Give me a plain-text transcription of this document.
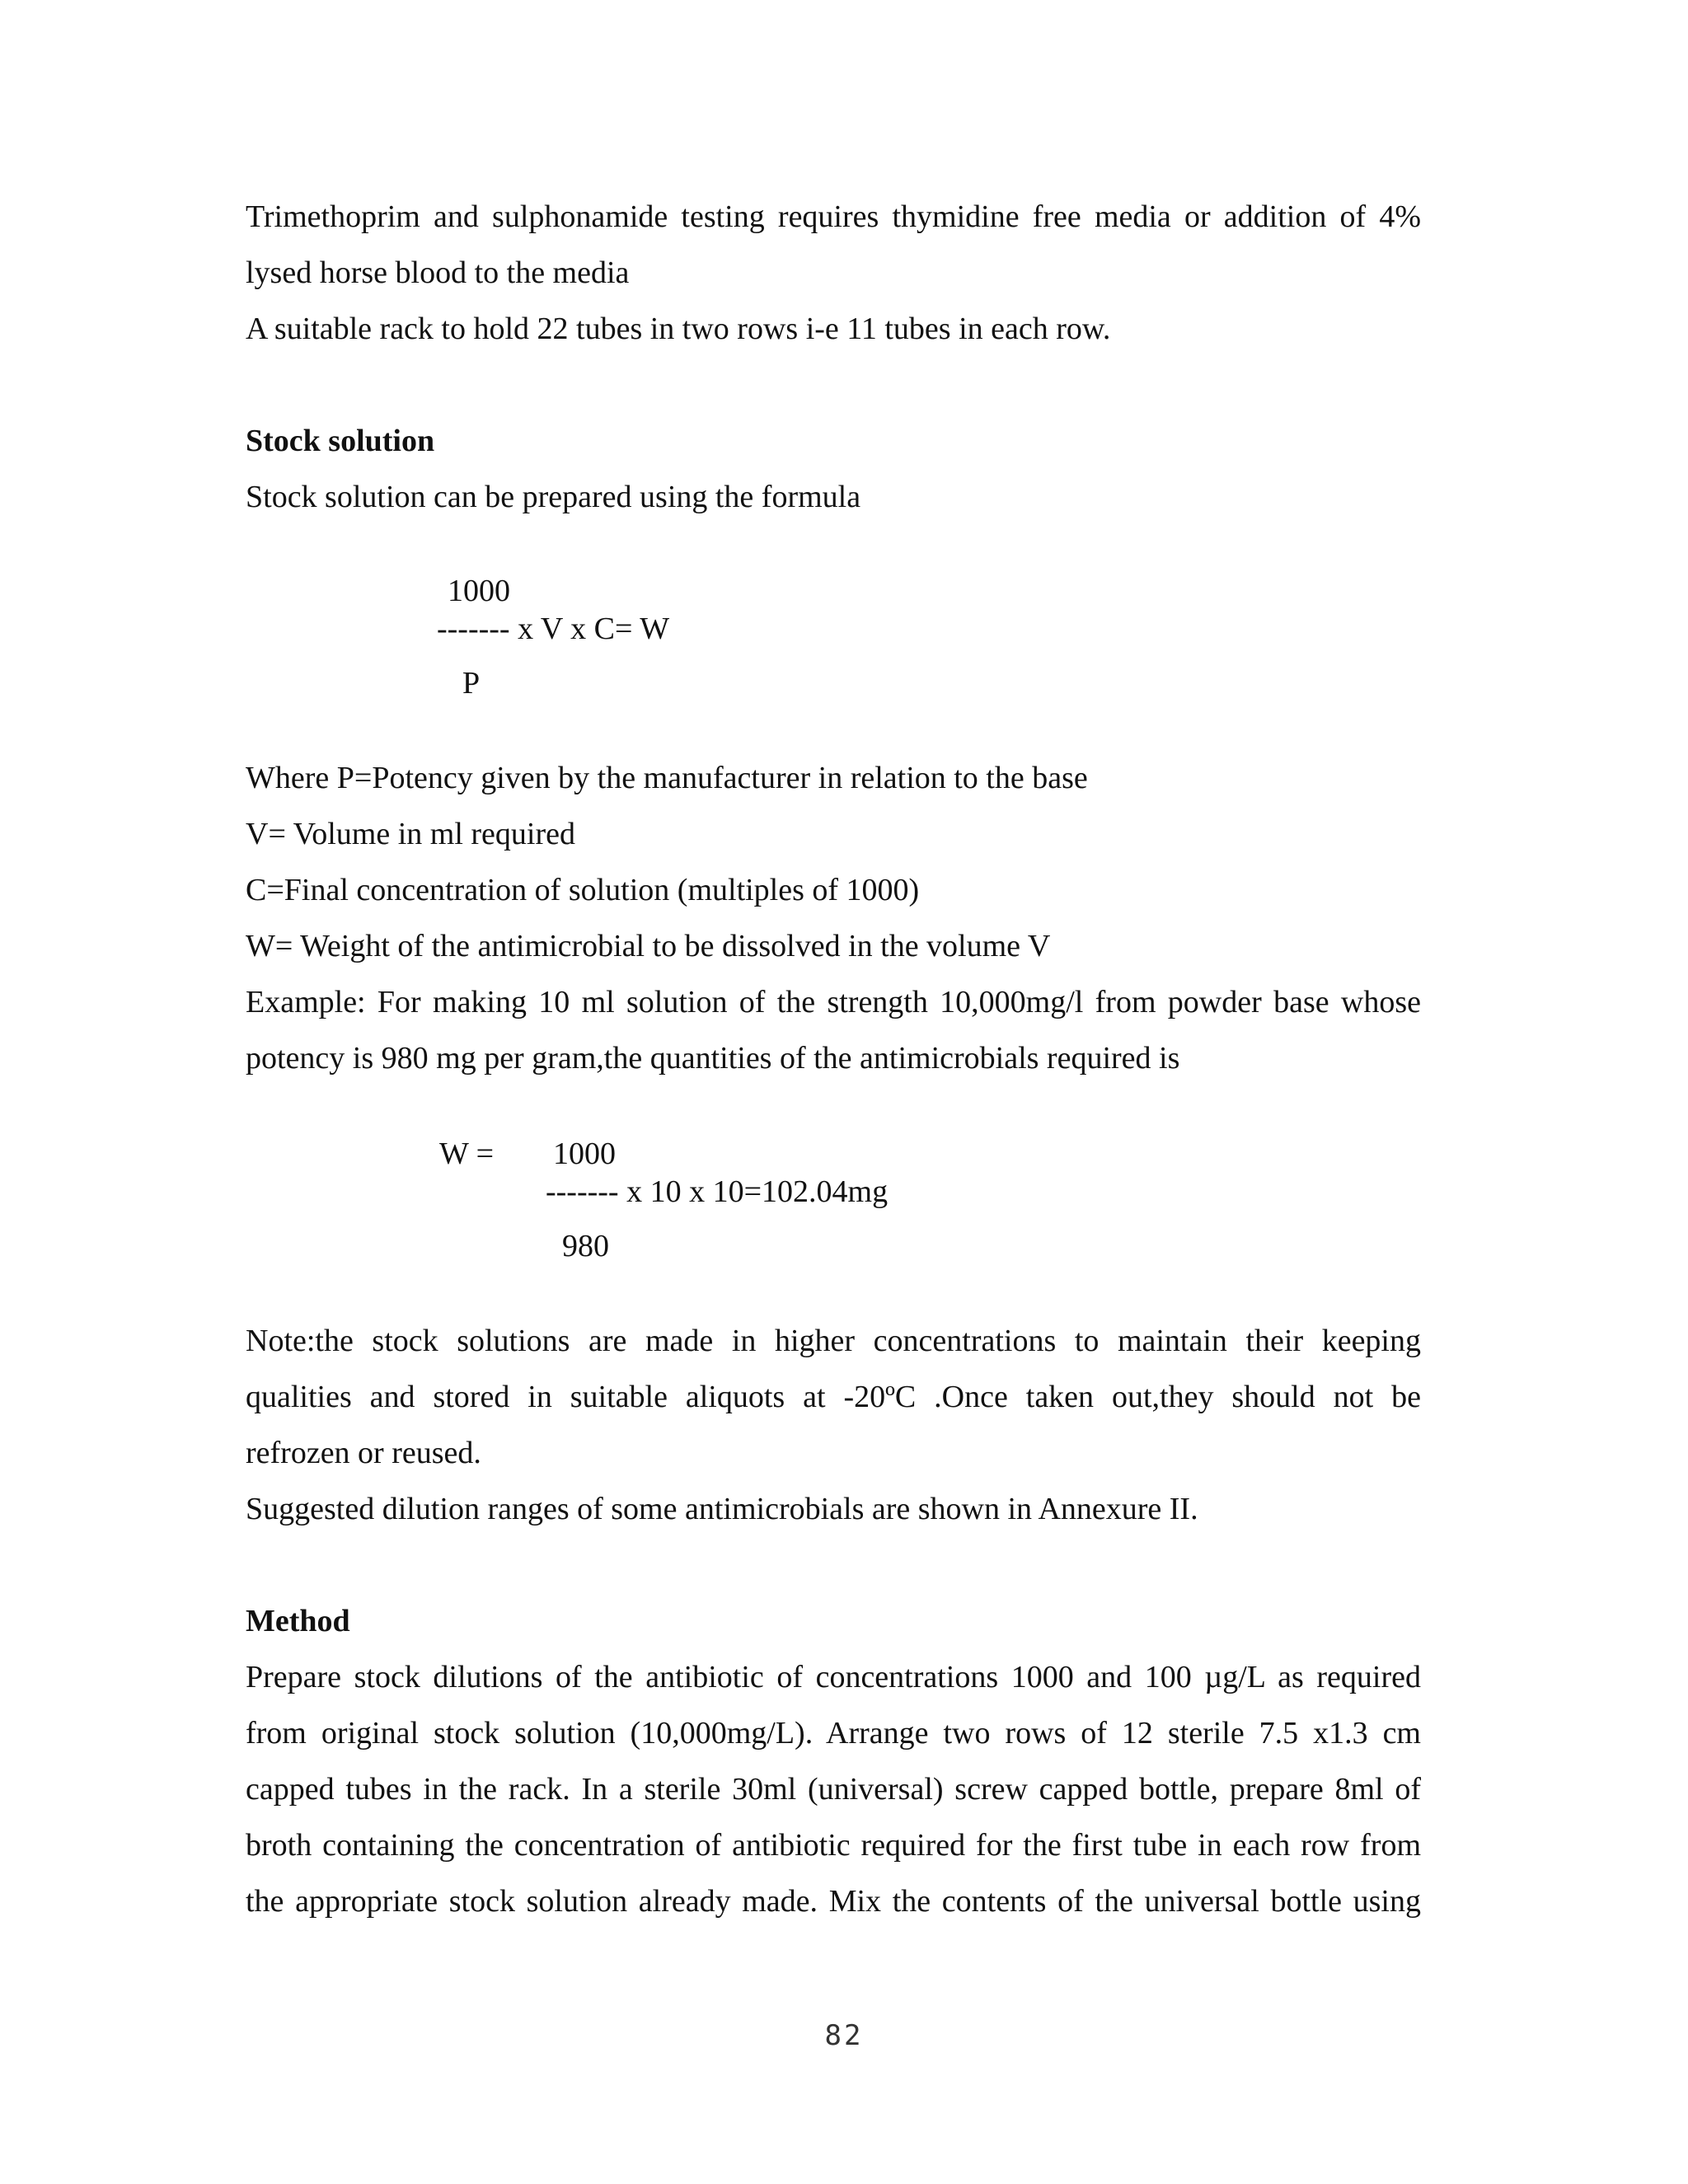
Trimethoprim and sulphonamide testing requires thymidine free media or addition of 4%
lysed horse blood to the media
A suitable rack to hold 22 tubes in two rows i-e 11 tubes in each row.
Stock solution
Stock solution can be prepared using the formula
1000
------- x V x C= W
P
Where P=Potency given by the manufacturer in relation to the base
V= Volume in ml required
C=Final concentration of solution (multiples of 1000)
W= Weight of the antimicrobial to be dissolved in the volume V
Example: For making 10 ml solution of the strength 10,000mg/l from powder base whose
potency is 980 mg per gram,the quantities of the antimicrobials required is
W = 1000
------- x 10 x 10=102.04mg
980
Note:the stock solutions are made in higher concentrations to maintain their keeping
qualities and stored in suitable aliquots at -20ºC .Once taken out,they should not be
refrozen or reused.
Suggested dilution ranges of some antimicrobials are shown in Annexure II.
Method
Prepare stock dilutions of the antibiotic of concentrations 1000 and 100 µg/L as required
from original stock solution (10,000mg/L). Arrange two rows of 12 sterile 7.5 x1.3 cm
capped tubes in the rack. In a sterile 30ml (universal) screw capped bottle, prepare 8ml of
broth containing the concentration of antibiotic required for the first tube in each row from
the appropriate stock solution already made. Mix the contents of the universal bottle using
82
